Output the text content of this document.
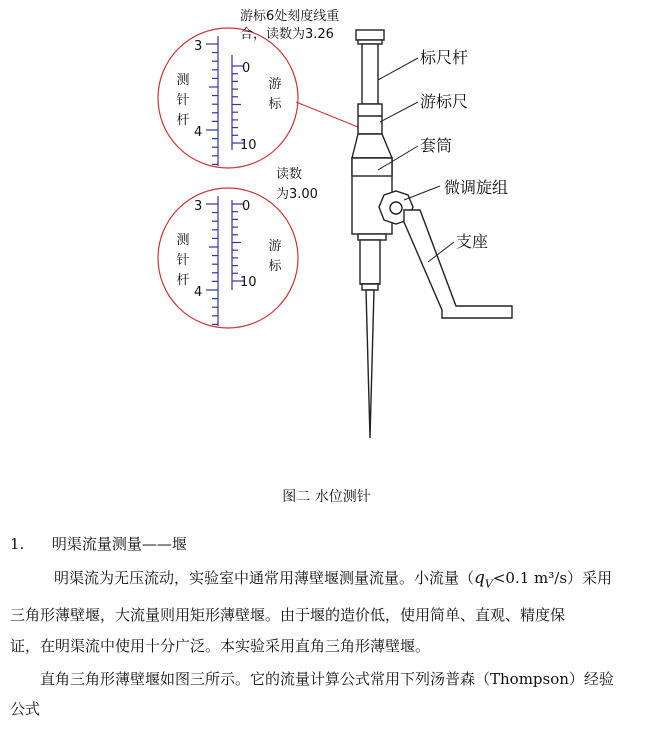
游标6处刻度线重
合，读数为3.26
读数
为3.00
测
针
杆
游
标
3
4
0
10
测
针
杆
游
标
3
4
0
10
标尺杆
游标尺
套筒
微调旋组
支座
图二 水位测针
1. 明渠流量测量——堰
明渠流为无压流动，实验室中通常用薄壁堰测量流量。小流量（$q_V<0.1$ m³/s）采用
三角形薄壁堰，大流量则用矩形薄壁堰。由于堰的造价低，使用简单、直观、精度保
证，在明渠流中使用十分广泛。本实验采用直角三角形薄壁堰。
直角三角形薄壁堰如图三所示。它的流量计算公式常用下列汤普森（Thompson）经验
公式
